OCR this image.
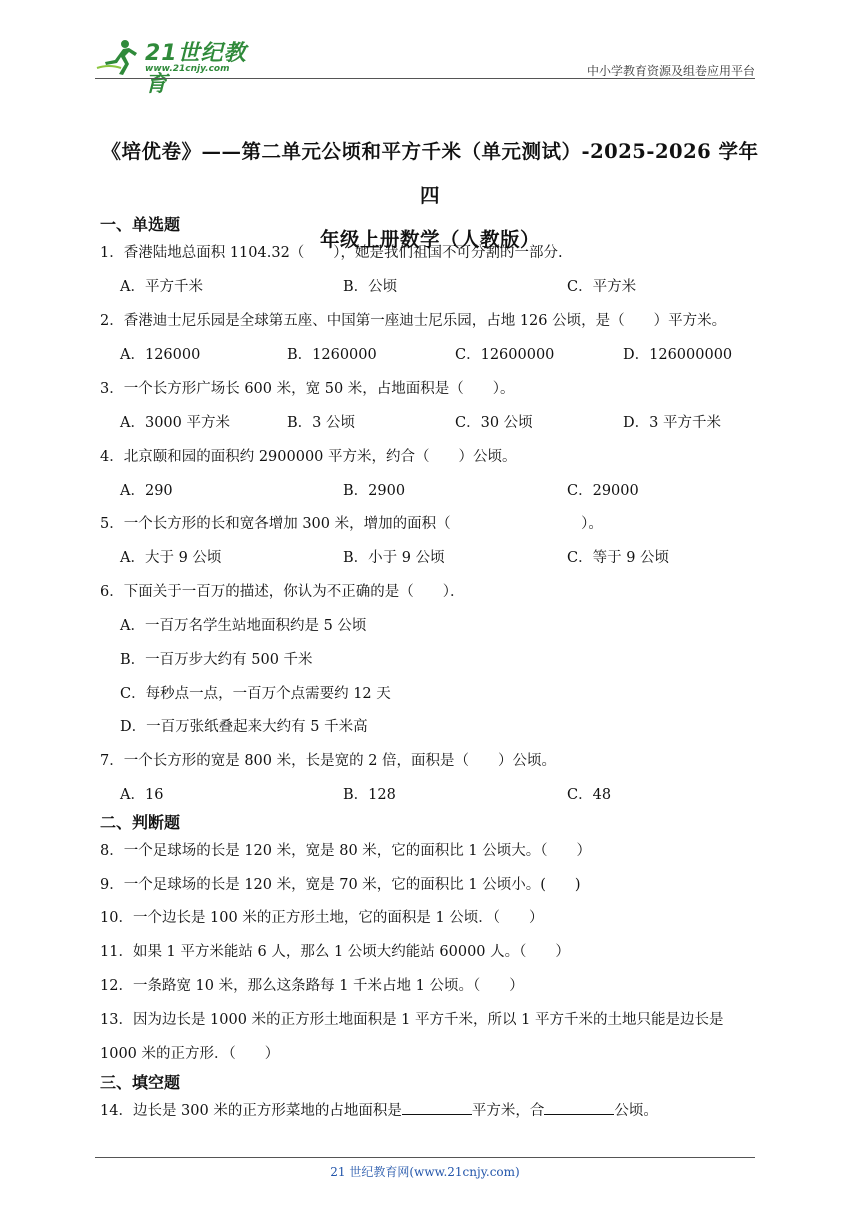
21世纪教育
www.21cnjy.com	中小学教育资源及组卷应用平台
《培优卷》——第二单元公顷和平方千米（单元测试）-2025-2026 学年四
年级上册数学（人教版）
一、单选题
1．香港陆地总面积 1104.32（　　），她是我们祖国不可分割的一部分.
A．平方千米	B．公顷	C．平方米
2．香港迪士尼乐园是全球第五座、中国第一座迪士尼乐园，占地 126 公顷，是（　　）平方米。
A．126000	B．1260000	C．12600000	D．126000000
3．一个长方形广场长 600 米，宽 50 米，占地面积是（　　）。
A．3000 平方米	B．3 公顷	C．30 公顷	D．3 平方千米
4．北京颐和园的面积约 2900000 平方米，约合（　　）公顷。
A．290	B．2900	C．29000
5．一个长方形的长和宽各增加 300 米，增加的面积（　　　　　　　　　）。
A．大于 9 公顷	B．小于 9 公顷	C．等于 9 公顷
6．下面关于一百万的描述，你认为不正确的是（　　）．
A．一百万名学生站地面积约是 5 公顷
B．一百万步大约有 500 千米
C．每秒点一点，一百万个点需要约 12 天
D．一百万张纸叠起来大约有 5 千米高
7．一个长方形的宽是 800 米，长是宽的 2 倍，面积是（　　）公顷。
A．16	B．128	C．48
二、判断题
8．一个足球场的长是 120 米，宽是 80 米，它的面积比 1 公顷大。（　　）
9．一个足球场的长是 120 米，宽是 70 米，它的面积比 1 公顷小。(　　)
10．一个边长是 100 米的正方形土地，它的面积是 1 公顷．（　　）
11．如果 1 平方米能站 6 人，那么 1 公顷大约能站 60000 人。（　　）
12．一条路宽 10 米，那么这条路每 1 千米占地 1 公顷。（　　）
13．因为边长是 1000 米的正方形土地面积是 1 平方千米，所以 1 平方千米的土地只能是边长是
1000 米的正方形．（　　）
三、填空题
14．边长是 300 米的正方形菜地的占地面积是	平方米，合	公顷。
21 世纪教育网(www.21cnjy.com)
